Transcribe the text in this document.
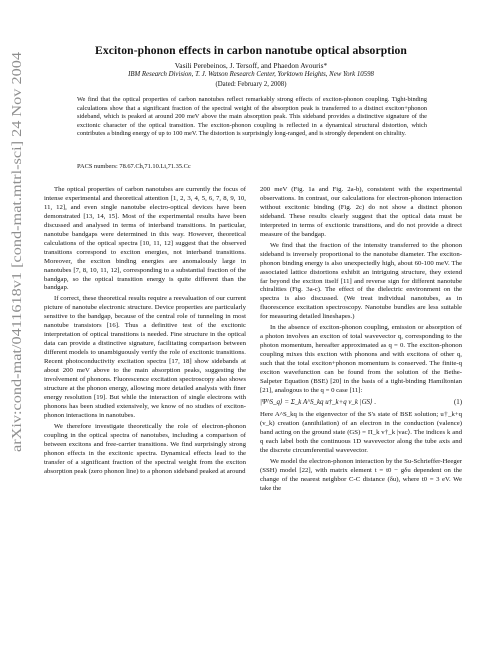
arXiv:cond-mat/0411618v1 [cond-mat.mtrl-sci] 24 Nov 2004
Exciton-phonon effects in carbon nanotube optical absorption
Vasili Perebeinos, J. Tersoff, and Phaedon Avouris*
IBM Research Division, T. J. Watson Research Center, Yorktown Heights, New York 10598
(Dated: February 2, 2008)
We find that the optical properties of carbon nanotubes reflect remarkably strong effects of exciton-phonon coupling. Tight-binding calculations show that a significant fraction of the spectral weight of the absorption peak is transferred to a distinct exciton+phonon sideband, which is peaked at around 200 meV above the main absorption peak. This sideband provides a distinctive signature of the excitonic character of the optical transition. The exciton-phonon coupling is reflected in a dynamical structural distortion, which contributes a binding energy of up to 100 meV. The distortion is surprisingly long-ranged, and is strongly dependent on chirality.
PACS numbers: 78.67.Ch,71.10.Li,71.35.Cc

The optical properties of carbon nanotubes are currently the focus of intense experimental and theoretical attention [1, 2, 3, 4, 5, 6, 7, 8, 9, 10, 11, 12], and even single nanotube electro-optical devices have been demonstrated [13, 14, 15]. Most of the experimental results have been discussed and analysed in terms of interband transitions. In particular, nanotube bandgaps were determined in this way. However, theoretical calculations of the optical spectra [10, 11, 12] suggest that the observed transitions correspond to exciton energies, not interband transitions. Moreover, the exciton binding energies are anomalously large in nanotubes [7, 8, 10, 11, 12], corresponding to a substantial fraction of the bandgap, so the optical transition energy is quite different than the bandgap.

If correct, these theoretical results require a reevaluation of our current picture of nanotube electronic structure. Device properties are particularly sensitive to the bandgap, because of the central role of tunneling in most nanotube transistors [16]. Thus a definitive test of the excitonic interpretation of optical transitions is needed. Fine structure in the optical data can provide a distinctive signature, facilitating comparison between different models to unambiguously verify the role of excitonic transitions. Recent photoconductivity excitation spectra [17, 18] show sidebands at about 200 meV above to the main absorption peaks, suggesting the involvement of phonons. Fluorescence excitation spectroscopy also shows structure at the phonon energy, allowing more detailed analysis with finer energy resolution [19]. But while the interaction of single electrons with phonons has been studied extensively, we know of no studies of exciton-phonon interactions in nanotubes.

We therefore investigate theoretically the role of electron-phonon coupling in the optical spectra of nanotubes, including a comparison of between excitons and free-carrier transitions. We find surprisingly strong phonon effects in the excitonic spectra. Dynamical effects lead to the transfer of a significant fraction of the spectral weight from the exciton absorption peak (zero phonon line) to a phonon sideband peaked at around

200 meV (Fig. 1a and Fig. 2a-b), consistent with the experimental observations. In contrast, our calculations for electron-phonon interaction without excitonic binding (Fig. 2c) do not show a distinct phonon sideband. These results clearly suggest that the optical data must be interpreted in terms of excitonic transitions, and do not provide a direct measure of the bandgap.

We find that the fraction of the intensity transferred to the phonon sideband is inversely proportional to the nanotube diameter. The exciton-phonon binding energy is also unexpectedly high, about 60-100 meV. The associated lattice distortions exhibit an intriguing structure, they extend far beyond the exciton itself [11] and reverse sign for different nanotube chiralities (Fig. 3a-c). The effect of the dielectric environment on the spectra is also discussed. (We treat individual nanotubes, as in fluorescence excitation spectroscopy. Nanotube bundles are less suitable for measuring detailed lineshapes.)

In the absence of exciton-phonon coupling, emission or absorption of a photon involves an exciton of total wavevector q, corresponding to the photon momentum, hereafter approximated as q = 0. The exciton-phonon coupling mixes this exciton with phonons and with excitons of other q, such that the total exciton+phonon momentum is conserved. The finite-q exciton wavefunction can be found from the solution of the Bethe-Salpeter Equation (BSE) [20] in the basis of a tight-binding Hamiltonian [21], analogous to the q = 0 case [11]:

|Ψ^S_q⟩ = Σ_k A^S_kq u†_k+q v_k |GS⟩ .	(1)

Here A^S_kq is the eigenvector of the S's state of BSE solution; u†_k+q (v_k) creation (annihilation) of an electron in the conduction (valence) band acting on the ground state (GS) = Π_k v†_k |vac⟩. The indices k and q each label both the continuous 1D wavevector along the tube axis and the discrete circumferential wavevector.

We model the electron-phonon interaction by the Su-Schrieffer-Heeger (SSH) model [22], with matrix element t = t0 − gδu dependent on the change of the nearest neighbor C-C distance (δu), where t0 = 3 eV. We take the
